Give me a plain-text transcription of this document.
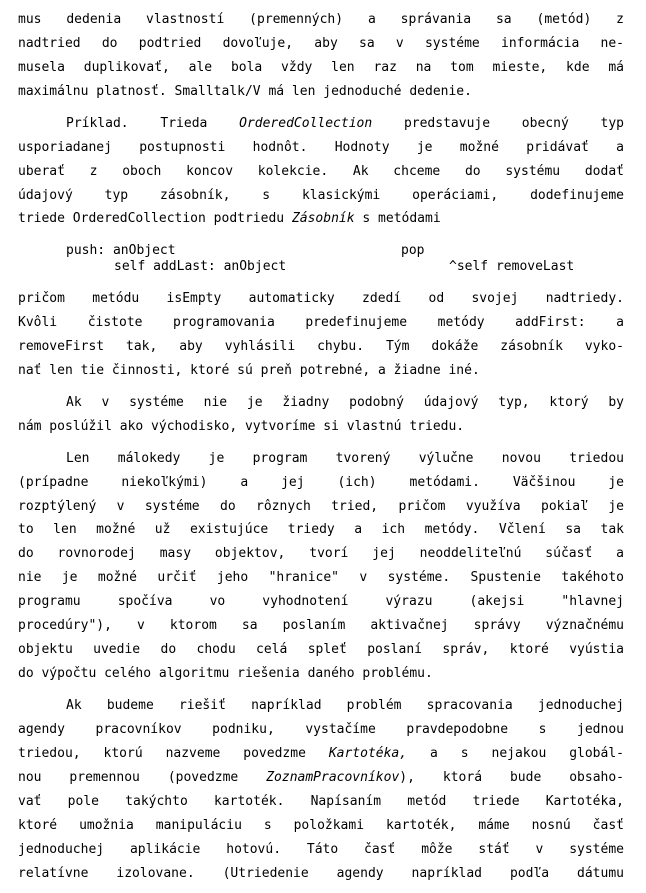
mus dedenia vlastností (premenných) a správania sa (metód) z
nadtried do podtried dovoľuje, aby sa v systéme informácia ne-
musela duplikovať, ale bola vždy len raz na tom mieste, kde má
maximálnu platnosť. Smalltalk/V má len jednoduché dedenie.
Príklad. Trieda OrderedCollection predstavuje obecný typ
usporiadanej postupnosti hodnôt. Hodnoty je možné pridávať a
uberať z oboch koncov kolekcie. Ak chceme do systému dodať
údajový typ zásobník, s klasickými operáciami, dodefinujeme
triede OrderedCollection podtriedu Zásobník s metódami
push: anObject
self addLast: anObject
pop
^self removeLast
pričom metódu isEmpty automaticky zdedí od svojej nadtriedy.
Kvôli čistote programovania predefinujeme metódy addFirst: a
removeFirst tak, aby vyhlásili chybu. Tým dokáže zásobník vyko-
nať len tie činnosti, ktoré sú preň potrebné, a žiadne iné.
Ak v systéme nie je žiadny podobný údajový typ, ktorý by
nám poslúžil ako východisko, vytvoríme si vlastnú triedu.
Len málokedy je program tvorený výlučne novou triedou
(prípadne niekoľkými) a jej (ich) metódami. Väčšinou je
rozptýlený v systéme do rôznych tried, pričom využíva pokiaľ je
to len možné už existujúce triedy a ich metódy. Včlení sa tak
do rovnorodej masy objektov, tvorí jej neoddeliteľnú súčasť a
nie je možné určiť jeho "hranice" v systéme. Spustenie takéhoto
programu spočíva vo vyhodnotení výrazu (akejsi "hlavnej
procedúry"), v ktorom sa poslaním aktivačnej správy význačnému
objektu uvedie do chodu celá spleť poslaní správ, ktoré vyústia
do výpočtu celého algoritmu riešenia daného problému.
Ak budeme riešiť napríklad problém spracovania jednoduchej
agendy pracovníkov podniku, vystačíme pravdepodobne s jednou
triedou, ktorú nazveme povedzme Kartotéka, a s nejakou globál-
nou premennou (povedzme ZoznamPracovníkov), ktorá bude obsaho-
vať pole takýchto kartoték. Napísaním metód triede Kartotéka,
ktoré umožnia manipuláciu s položkami kartoték, máme nosnú časť
jednoduchej aplikácie hotovú. Táto časť môže stáť v systéme
relatívne izolovane. (Utriedenie agendy napríklad podľa dátumu
